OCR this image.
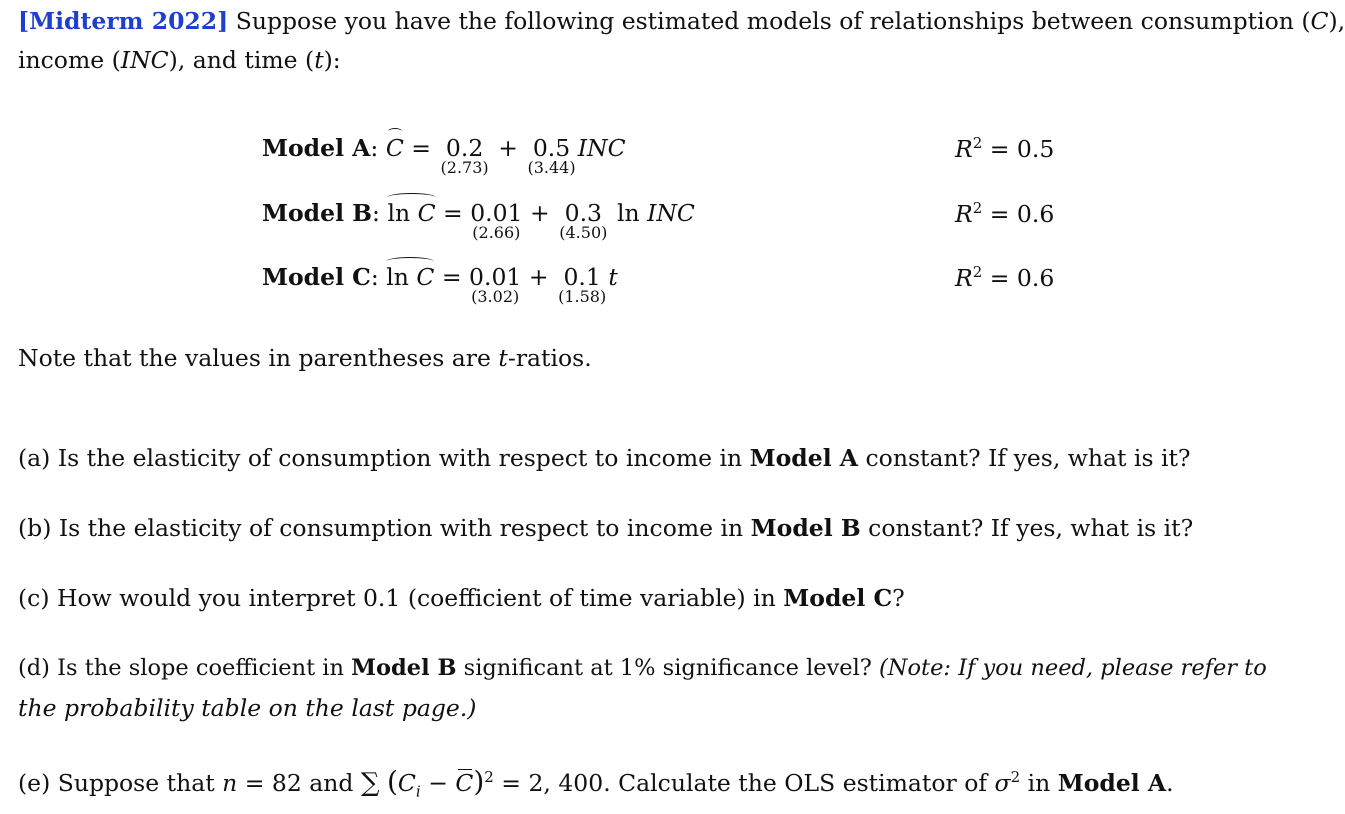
[Midterm 2022] Suppose you have the following estimated models of relationships between consumption (C),
income (INC), and time (t):
Model A: C =  0.2
(2.73)
+  0.5
(3.44)
INC	$R^2 = 0.5$
Model B: ln C = 0.01
(2.66)
+  0.3
(4.50)
ln INC	$R^2 = 0.6$
Model C: ln C = 0.01
(3.02)
+  0.1
(1.58)
t	$R^2 = 0.6$
Note that the values in parentheses are t-ratios.
(a) Is the elasticity of consumption with respect to income in Model A constant? If yes, what is it?
(b) Is the elasticity of consumption with respect to income in Model B constant? If yes, what is it?
(c) How would you interpret 0.1 (coefficient of time variable) in Model C?
(d) Is the slope coefficient in Model B significant at 1% significance level? (Note: If you need, please refer to
the probability table on the last page.)
(e) Suppose that n = 82 and ∑ $(C_i - C)^2 = 2$, 400. Calculate the OLS estimator of $\sigma^2$ in Model A.
